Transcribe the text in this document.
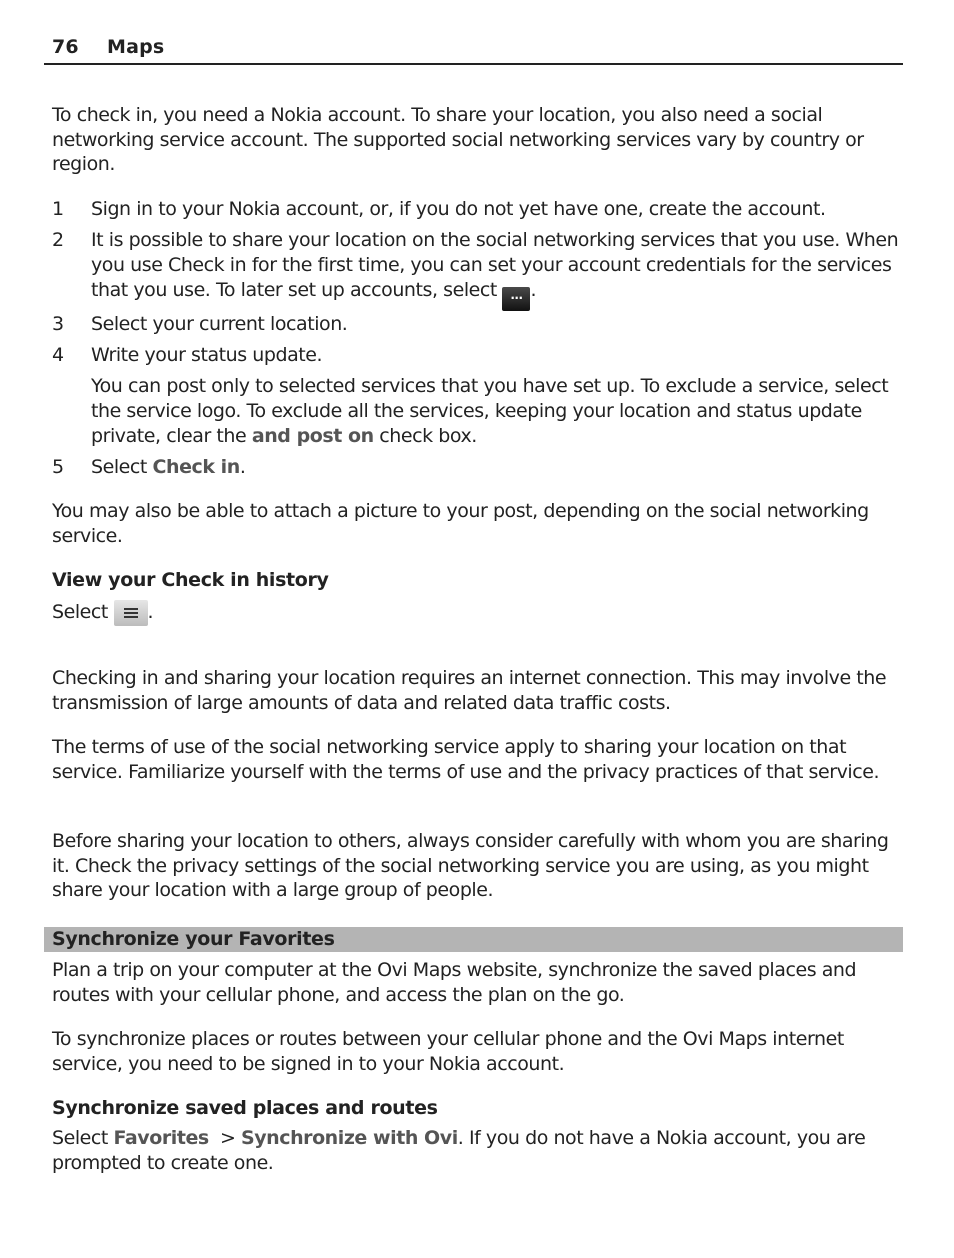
76 Maps

To check in, you need a Nokia account. To share your location, you also need a social networking service account. The supported social networking services vary by country or region.

1	Sign in to your Nokia account, or, if you do not yet have one, create the account.
2	It is possible to share your location on the social networking services that you use. When you use Check in for the first time, you can set your account credentials for the services that you use. To later set up accounts, select ··· .
3	Select your current location.
4	Write your status update.
You can post only to selected services that you have set up. To exclude a service, select the service logo. To exclude all the services, keeping your location and status update private, clear the and post on check box.
5	Select Check in.

You may also be able to attach a picture to your post, depending on the social networking service.

View your Check in history

Select
.

Checking in and sharing your location requires an internet connection. This may involve the transmission of large amounts of data and related data traffic costs.

The terms of use of the social networking service apply to sharing your location on that service. Familiarize yourself with the terms of use and the privacy practices of that service.

Before sharing your location to others, always consider carefully with whom you are sharing it. Check the privacy settings of the social networking service you are using, as you might share your location with a large group of people.

Synchronize your Favorites

Plan a trip on your computer at the Ovi Maps website, synchronize the saved places and routes with your cellular phone, and access the plan on the go.

To synchronize places or routes between your cellular phone and the Ovi Maps internet service, you need to be signed in to your Nokia account.

Synchronize saved places and routes

Select Favorites  > Synchronize with Ovi. If you do not have a Nokia account, you are prompted to create one.
